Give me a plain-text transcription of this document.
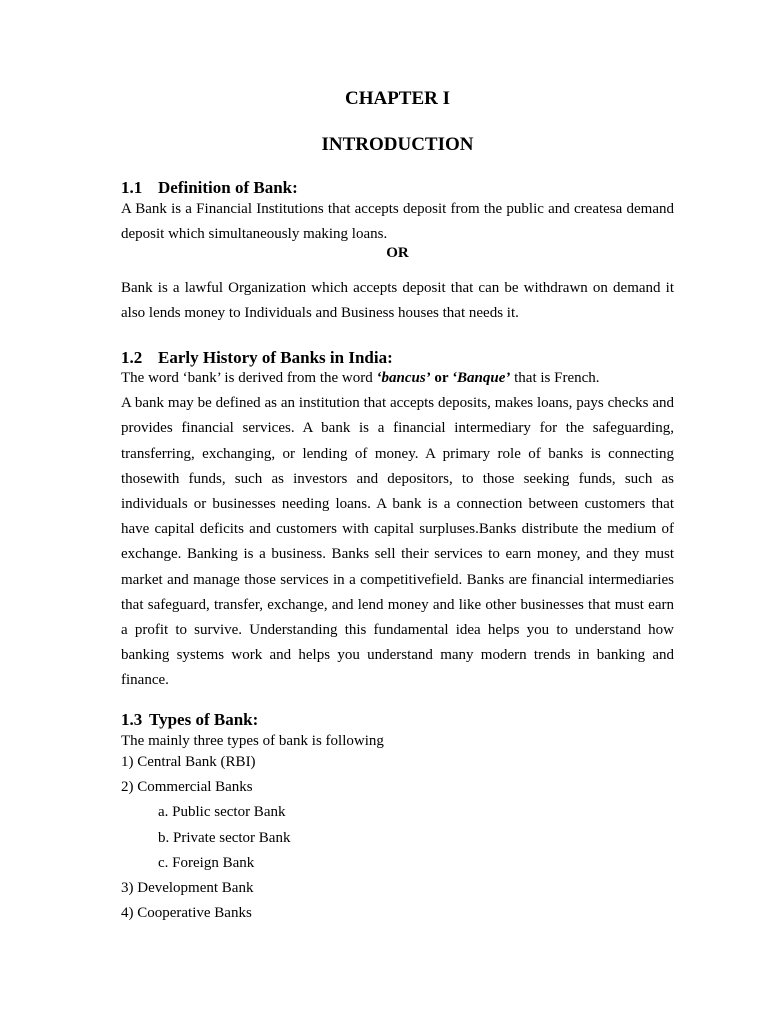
CHAPTER I
INTRODUCTION
1.1 Definition of Bank:

A Bank is a Financial Institutions that accepts deposit from the public and createsa demand deposit which simultaneously making loans.

OR

Bank is a lawful Organization which accepts deposit that can be withdrawn on demand it also lends money to Individuals and Business houses that needs it.

1.2 Early History of Banks in India:

The word ‘bank’ is derived from the word ‘bancus’ or ‘Banque’ that is French.

A bank may be defined as an institution that accepts deposits, makes loans, pays checks and provides financial services. A bank is a financial intermediary for the safeguarding, transferring, exchanging, or lending of money. A primary role of banks is connecting thosewith funds, such as investors and depositors, to those seeking funds, such as individuals or businesses needing loans. A bank is a connection between customers that have capital deficits and customers with capital surpluses.Banks distribute the medium of exchange. Banking is a business. Banks sell their services to earn money, and they must market and manage those services in a competitivefield. Banks are financial intermediaries that safeguard, transfer, exchange, and lend money and like other businesses that must earn a profit to survive. Understanding this fundamental idea helps you to understand how banking systems work and helps you understand many modern trends in banking and finance.

1.3 Types of Bank:

The mainly three types of bank is following

1) Central Bank (RBI)
2) Commercial Banks
a. Public sector Bank
b. Private sector Bank
c. Foreign Bank
3) Development Bank
4) Cooperative Banks
